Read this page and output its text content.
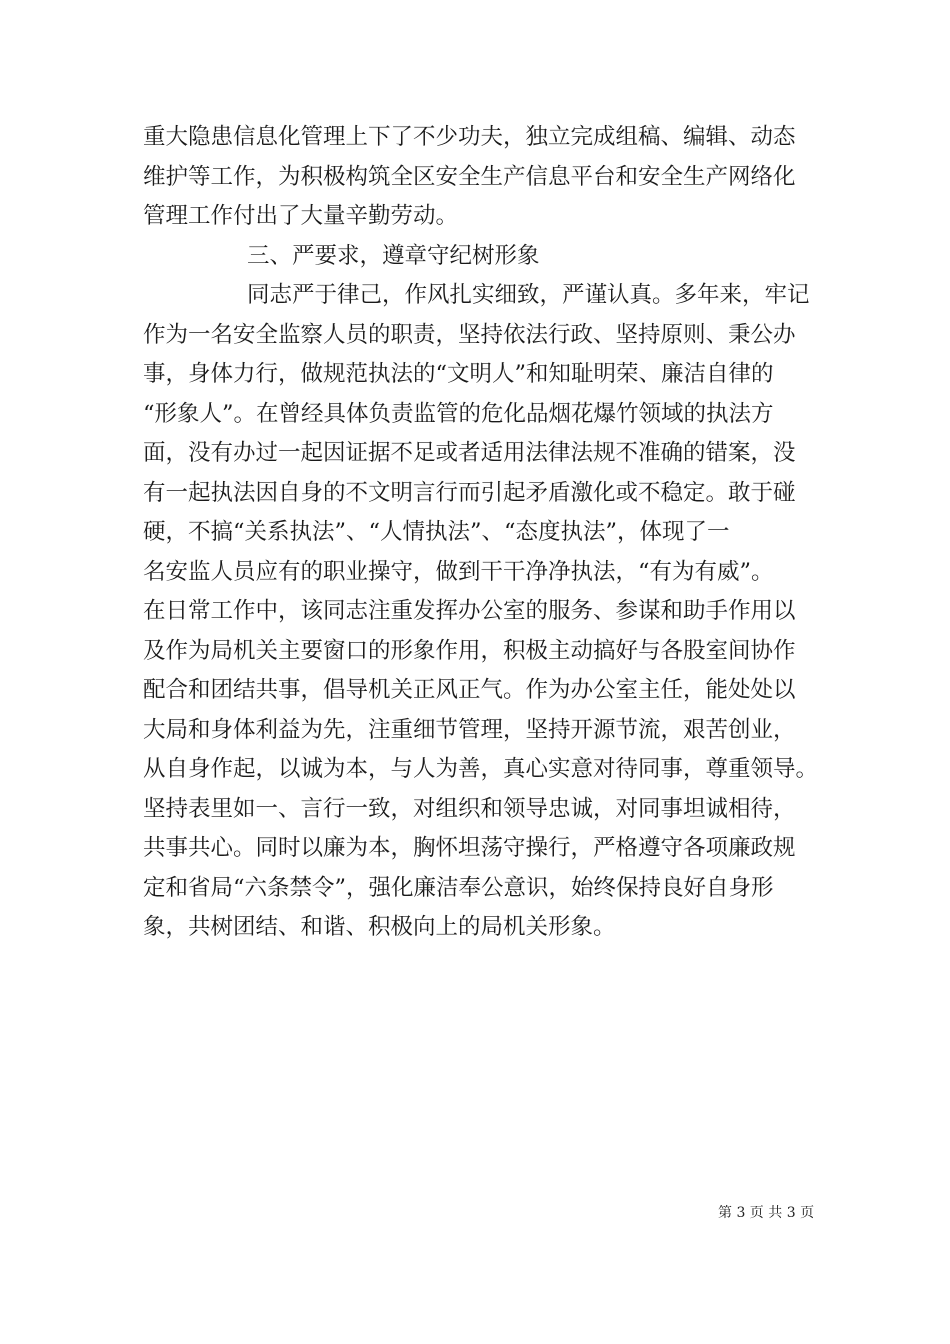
重大隐患信息化管理上下了不少功夫，独立完成组稿、编辑、动态
维护等工作，为积极构筑全区安全生产信息平台和安全生产网络化
管理工作付出了大量辛勤劳动。
三、严要求，遵章守纪树形象
同志严于律己，作风扎实细致，严谨认真。多年来，牢记
作为一名安全监察人员的职责，坚持依法行政、坚持原则、秉公办
事，身体力行，做规范执法的“文明人”和知耻明荣、廉洁自律的
“形象人”。在曾经具体负责监管的危化品烟花爆竹领域的执法方
面，没有办过一起因证据不足或者适用法律法规不准确的错案，没
有一起执法因自身的不文明言行而引起矛盾激化或不稳定。敢于碰
硬，不搞“关系执法”、“人情执法”、“态度执法”，体现了一
名安监人员应有的职业操守，做到干干净净执法，“有为有威”。
在日常工作中，该同志注重发挥办公室的服务、参谋和助手作用以
及作为局机关主要窗口的形象作用，积极主动搞好与各股室间协作
配合和团结共事，倡导机关正风正气。作为办公室主任，能处处以
大局和身体利益为先，注重细节管理，坚持开源节流，艰苦创业，
从自身作起，以诚为本，与人为善，真心实意对待同事，尊重领导。
坚持表里如一、言行一致，对组织和领导忠诚，对同事坦诚相待，
共事共心。同时以廉为本，胸怀坦荡守操行，严格遵守各项廉政规
定和省局“六条禁令”，强化廉洁奉公意识，始终保持良好自身形
象，共树团结、和谐、积极向上的局机关形象。
第 3 页 共 3 页
